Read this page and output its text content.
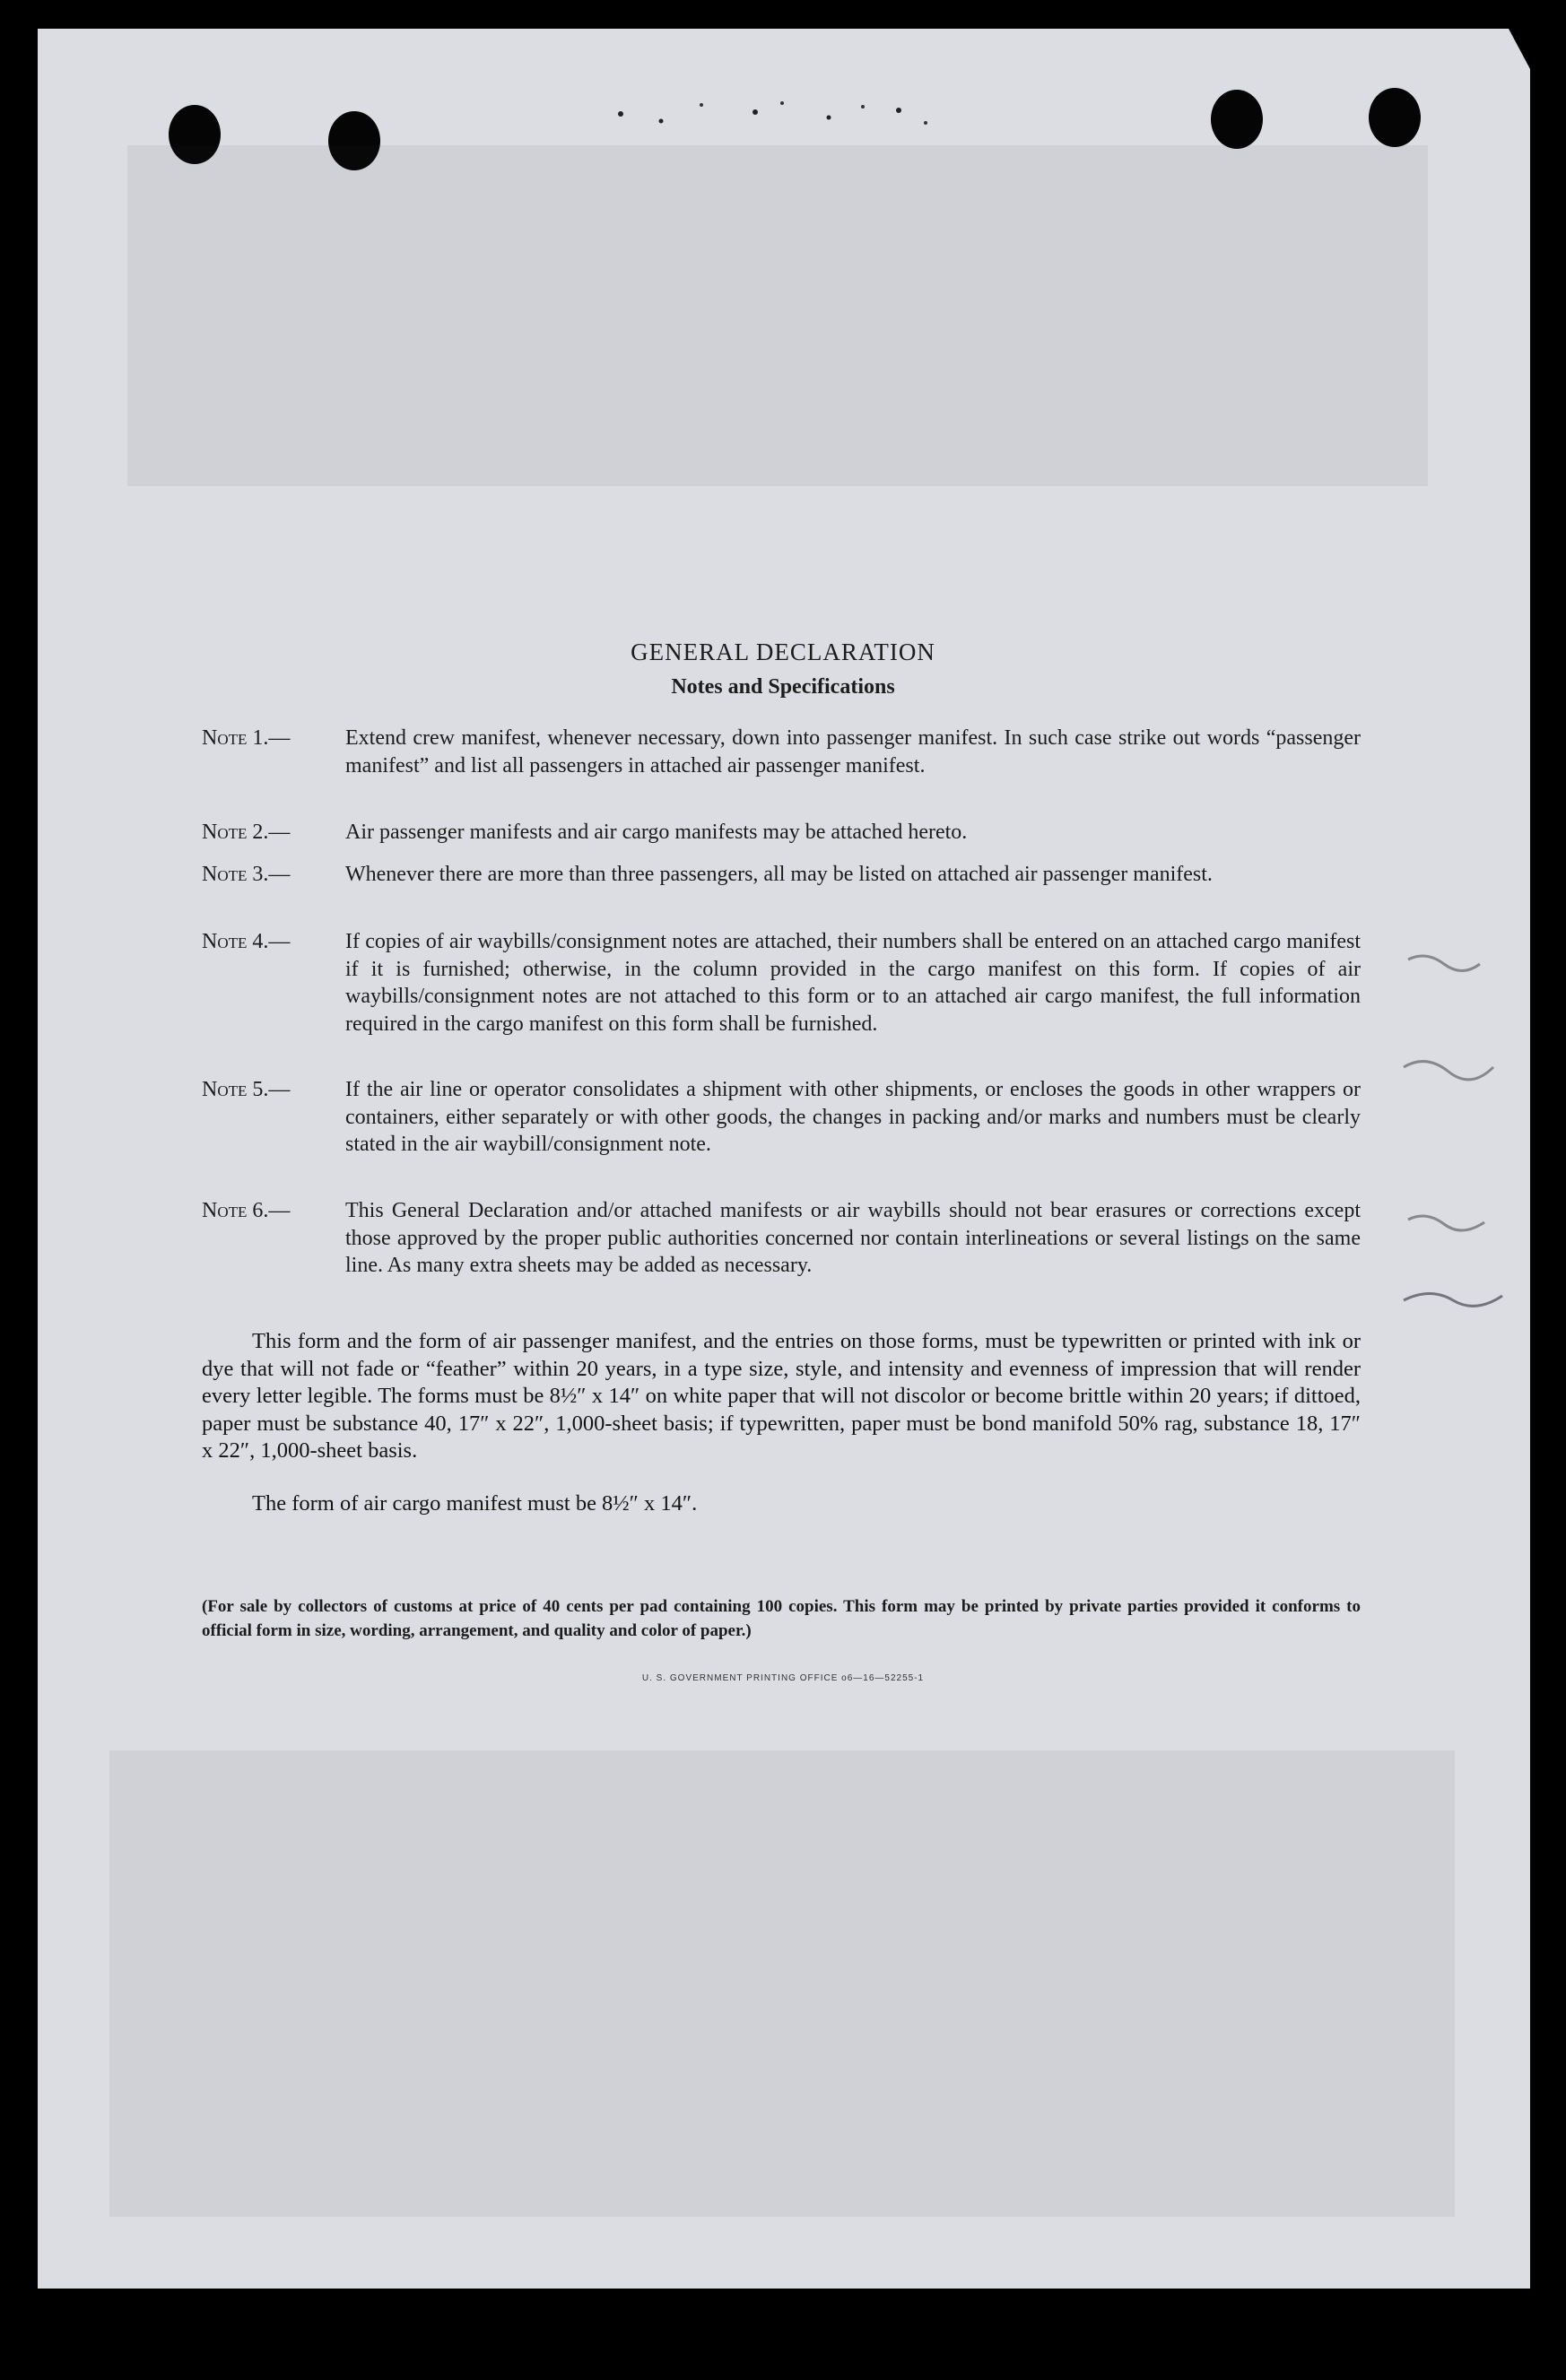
GENERAL DECLARATION
Notes and Specifications
Note 1.—	Extend crew manifest, whenever necessary, down into passenger manifest. In such case strike out words “passenger manifest” and list all passengers in attached air passenger manifest.
Note 2.—	Air passenger manifests and air cargo manifests may be attached hereto.
Note 3.—	Whenever there are more than three passengers, all may be listed on attached air passenger manifest.
Note 4.—	If copies of air waybills/consignment notes are attached, their numbers shall be entered on an attached cargo manifest if it is furnished; otherwise, in the column provided in the cargo manifest on this form. If copies of air waybills/consignment notes are not attached to this form or to an attached air cargo manifest, the full information required in the cargo manifest on this form shall be furnished.
Note 5.—	If the air line or operator consolidates a shipment with other shipments, or encloses the goods in other wrappers or containers, either separately or with other goods, the changes in packing and/or marks and numbers must be clearly stated in the air waybill/consignment note.
Note 6.—	This General Declaration and/or attached manifests or air waybills should not bear erasures or corrections except those approved by the proper public authorities concerned nor contain interlineations or several listings on the same line. As many extra sheets may be added as necessary.
This form and the form of air passenger manifest, and the entries on those forms, must be typewritten or printed with ink or dye that will not fade or “feather” within 20 years, in a type size, style, and intensity and evenness of impression that will render every letter legible. The forms must be 8½″ x 14″ on white paper that will not discolor or become brittle within 20 years; if dittoed, paper must be substance 40, 17″ x 22″, 1,000-sheet basis; if typewritten, paper must be bond manifold 50% rag, substance 18, 17″ x 22″, 1,000-sheet basis.
The form of air cargo manifest must be 8½″ x 14″.
(For sale by collectors of customs at price of 40 cents per pad containing 100 copies. This form may be printed by private parties provided it conforms to official form in size, wording, arrangement, and quality and color of paper.)
U. S. GOVERNMENT PRINTING OFFICE o6—16—52255-1
